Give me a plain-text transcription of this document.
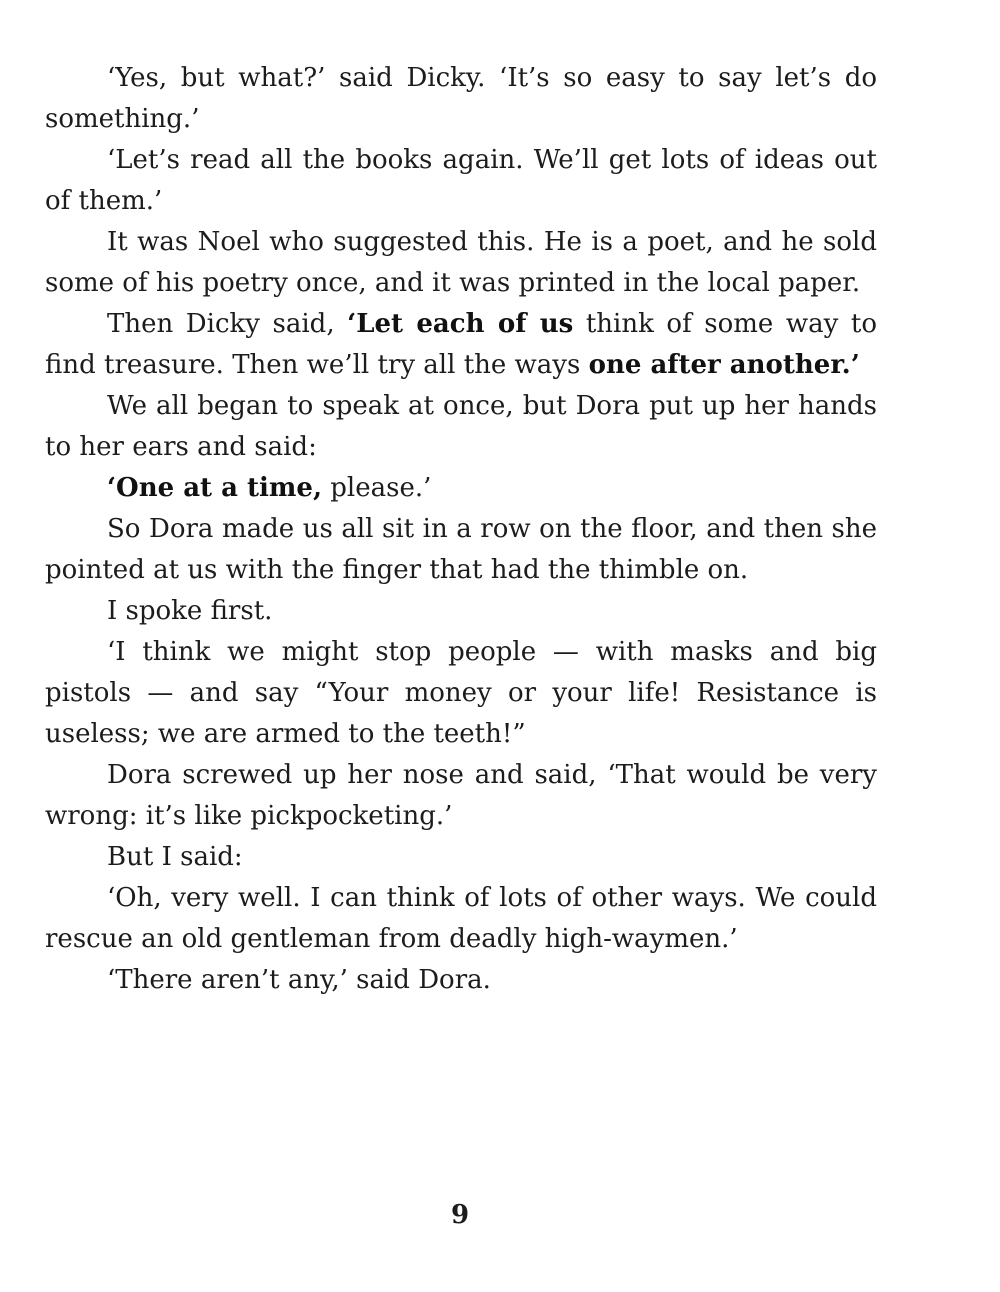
‘Yes, but what?’ said Dicky. ‘It’s so easy to say let’s do something.’

‘Let’s read all the books again. We’ll get lots of ideas out of them.’

It was Noel who suggested this. He is a poet, and he sold some of his poetry once, and it was printed in the local paper.

Then Dicky said, ‘Let each of us think of some way to find treasure. Then we’ll try all the ways one after another.’

We all began to speak at once, but Dora put up her hands to her ears and said:

‘One at a time, please.’

So Dora made us all sit in a row on the floor, and then she pointed at us with the finger that had the thimble on.

I spoke first.

‘I think we might stop people — with masks and big pistols — and say “Your money or your life! Resistance is useless; we are armed to the teeth!”

Dora screwed up her nose and said, ‘That would be very wrong: it’s like pickpocketing.’

But I said:

‘Oh, very well. I can think of lots of other ways. We could rescue an old gentleman from deadly high-waymen.’

‘There aren’t any,’ said Dora.

9
